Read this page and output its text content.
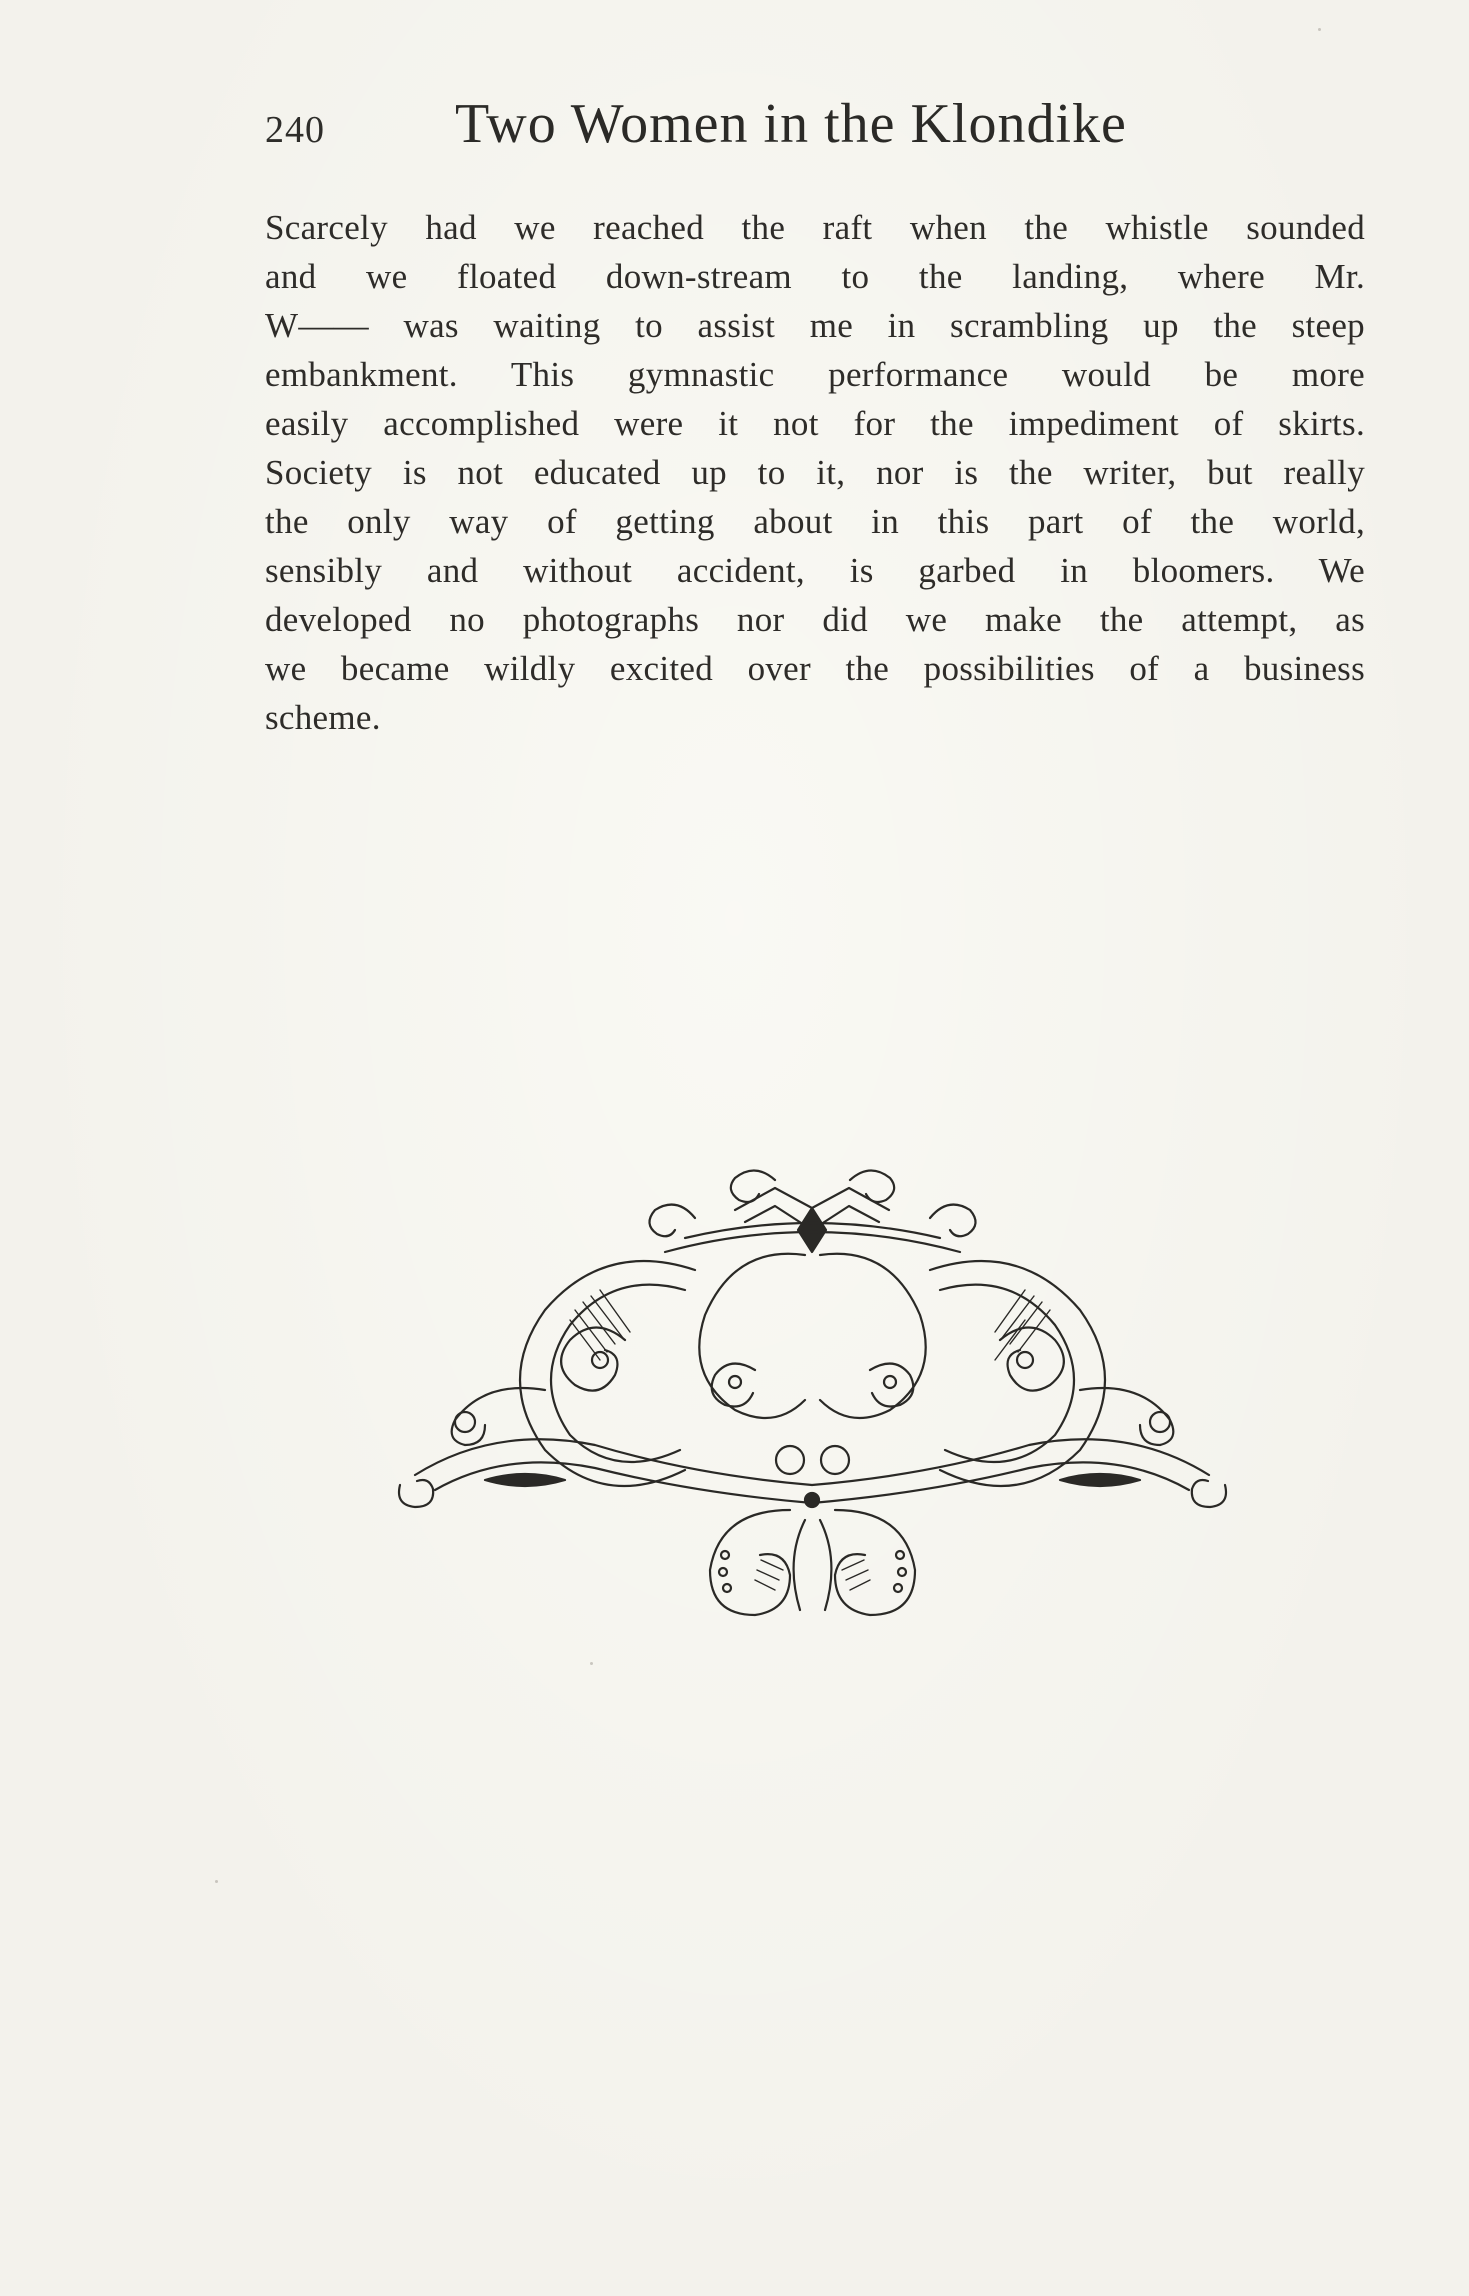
240 Two Women in the Klondike
Scarcely had we reached the raft when the whistle sounded
and we floated down-stream to the landing, where Mr.
W—— was waiting to assist me in scrambling up the steep
embankment. This gymnastic performance would be more
easily accomplished were it not for the impediment of skirts.
Society is not educated up to it, nor is the writer, but really
the only way of getting about in this part of the world,
sensibly and without accident, is garbed in bloomers. We
developed no photographs nor did we make the attempt, as
we became wildly excited over the possibilities of a business
scheme.
